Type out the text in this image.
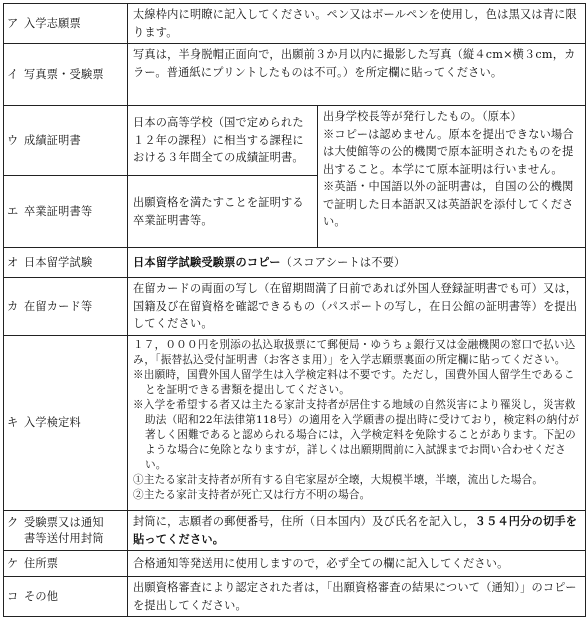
ア 入学志願票	太線枠内に明瞭に記入してください。ペン又はボールペンを使用し，色は黒又は青に限ります。	
イ 写真票・受験票	写真は，半身脱帽正面向で，出願前３か月以内に撮影した写真（縦４cm×横３cm，カラー。普通紙にプリントしたものは不可。）を所定欄に貼ってください。	
ウ 成績証明書	日本の高等学校（国で定められた１２年の課程）に相当する課程における３年間全ての成績証明書。	出身学校長等が発行したもの。（原本）
※コピーは認めません。原本を提出できない場合は大使館等の公的機関で原本証明されたものを提出すること。本学にて原本証明は行いません。
※英語・中国語以外の証明書は，自国の公的機関で証明した日本語訳又は英語訳を添付してください。

エ 卒業証明書等	出願資格を満たすことを証明する卒業証明書等。	
オ 日本留学試験	日本留学試験受験票のコピー（スコアシートは不要）	
カ 在留カード等	在留カードの両面の写し（在留期間満了日前であれば外国人登録証明書でも可）又は，国籍及び在留資格を確認できるもの（パスポートの写し，在日公館の証明書等）を提出してください。	
キ 入学検定料	１７，０００円を別添の払込取扱票にて郵便局・ゆうちょ銀行又は金融機関の窓口で払い込み，「振替払込受付証明書（お客さま用）」を入学志願票裏面の所定欄に貼ってください。
※出願時，国費外国人留学生は入学検定料は不要です。ただし，国費外国人留学生であることを証明できる書類を提出してください。
※入学を希望する者又は主たる家計支持者が居住する地域の自然災害により罹災し，災害救助法（昭和22年法律第118号）の適用を入学願書の提出時に受けており，検定料の納付が著しく困難であると認められる場合には，入学検定料を免除することがあります。下記のような場合に免除となりますが，詳しくは出願期間前に入試課までお問い合わせください。
①主たる家計支持者が所有する自宅家屋が全壊，大規模半壊，半壊，流出した場合。
②主たる家計支持者が死亡又は行方不明の場合。	

ク 受験票又は通知
書等送付用封筒	封筒に，志願者の郵便番号，住所（日本国内）及び氏名を記入し，３５４円分の切手を貼ってください。	
ケ 住所票	合格通知等発送用に使用しますので，必ず全ての欄に記入してください。	
コ その他	出願資格審査により認定された者は，「出願資格審査の結果について（通知）」のコピーを提出してください。	
